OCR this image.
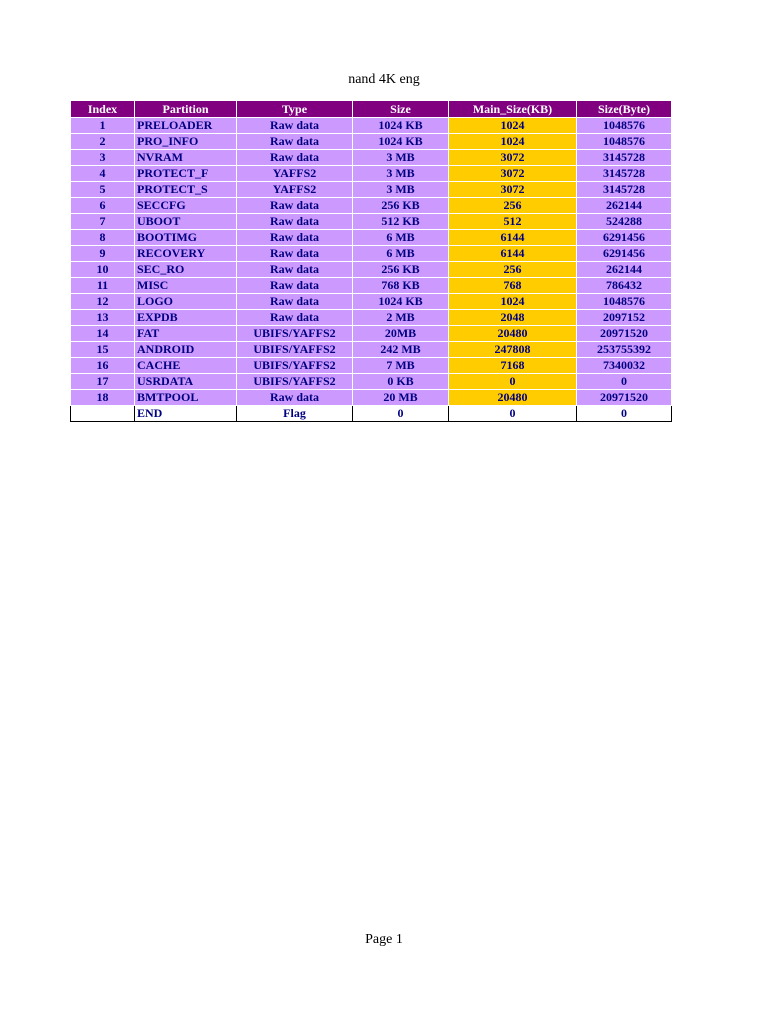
nand 4K eng
Index	Partition	Type	Size	Main_Size(KB)	Size(Byte)
1	PRELOADER	Raw data	1024 KB	1024	1048576
2	PRO_INFO	Raw data	1024 KB	1024	1048576
3	NVRAM	Raw data	3 MB	3072	3145728
4	PROTECT_F	YAFFS2	3 MB	3072	3145728
5	PROTECT_S	YAFFS2	3 MB	3072	3145728
6	SECCFG	Raw data	256 KB	256	262144
7	UBOOT	Raw data	512 KB	512	524288
8	BOOTIMG	Raw data	6 MB	6144	6291456
9	RECOVERY	Raw data	6 MB	6144	6291456
10	SEC_RO	Raw data	256 KB	256	262144
11	MISC	Raw data	768 KB	768	786432
12	LOGO	Raw data	1024 KB	1024	1048576
13	EXPDB	Raw data	2 MB	2048	2097152
14	FAT	UBIFS/YAFFS2	20MB	20480	20971520
15	ANDROID	UBIFS/YAFFS2	242 MB	247808	253755392
16	CACHE	UBIFS/YAFFS2	7 MB	7168	7340032
17	USRDATA	UBIFS/YAFFS2	0 KB	0	0
18	BMTPOOL	Raw data	20 MB	20480	20971520
	END	Flag	0	0	0
Page 1
